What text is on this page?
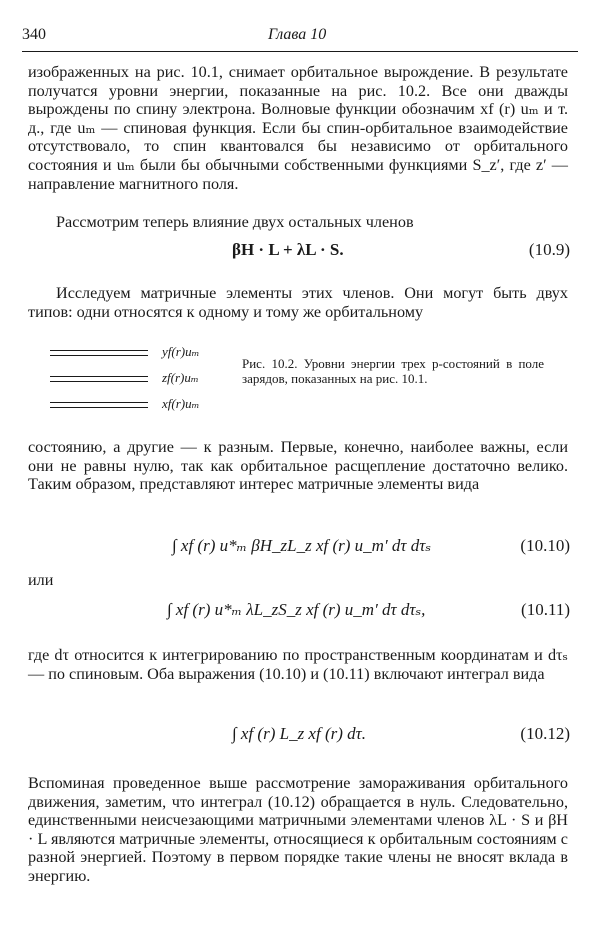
340	Глава 10

изображенных на рис. 10.1, снимает орбитальное вырождение. В результате получатся уровни энергии, показанные на рис. 10.2. Все они дважды вырождены по спину электрона. Волновые функции обозначим xf (r) uₘ и т. д., где uₘ — спиновая функция. Если бы спин-орбитальное взаимодействие отсутствовало, то спин квантовался бы независимо от орбитального состояния и uₘ были бы обычными собственными функциями S_z′, где z′ — направление магнитного поля.

Рассмотрим теперь влияние двух остальных членов

βH · L + λL · S.	(10.9)

Исследуем матричные элементы этих членов. Они могут быть двух типов: одни относятся к одному и тому же орбитальному

yf(r)uₘ
zf(r)uₘ
xf(r)uₘ

Рис. 10.2. Уровни энергии трех p-состояний в поле зарядов, показанных на рис. 10.1.

состоянию, а другие — к разным. Первые, конечно, наиболее важны, если они не равны нулю, так как орбитальное расщепление достаточно велико. Таким образом, представляют интерес матричные элементы вида

∫ xf (r) u*ₘ βH_zL_z xf (r) u_m′ dτ dτₛ	(10.10)
или
∫ xf (r) u*ₘ λL_zS_z xf (r) u_m′ dτ dτₛ,	(10.11)

где dτ относится к интегрированию по пространственным координатам и dτₛ — по спиновым. Оба выражения (10.10) и (10.11) включают интеграл вида

∫ xf (r) L_z xf (r) dτ.	(10.12)

Вспоминая проведенное выше рассмотрение замораживания орбитального движения, заметим, что интеграл (10.12) обращается в нуль. Следовательно, единственными неисчезающими матричными элементами членов λL · S и βH · L являются матричные элементы, относящиеся к орбитальным состояниям с разной энергией. Поэтому в первом порядке такие члены не вносят вклада в энергию.
